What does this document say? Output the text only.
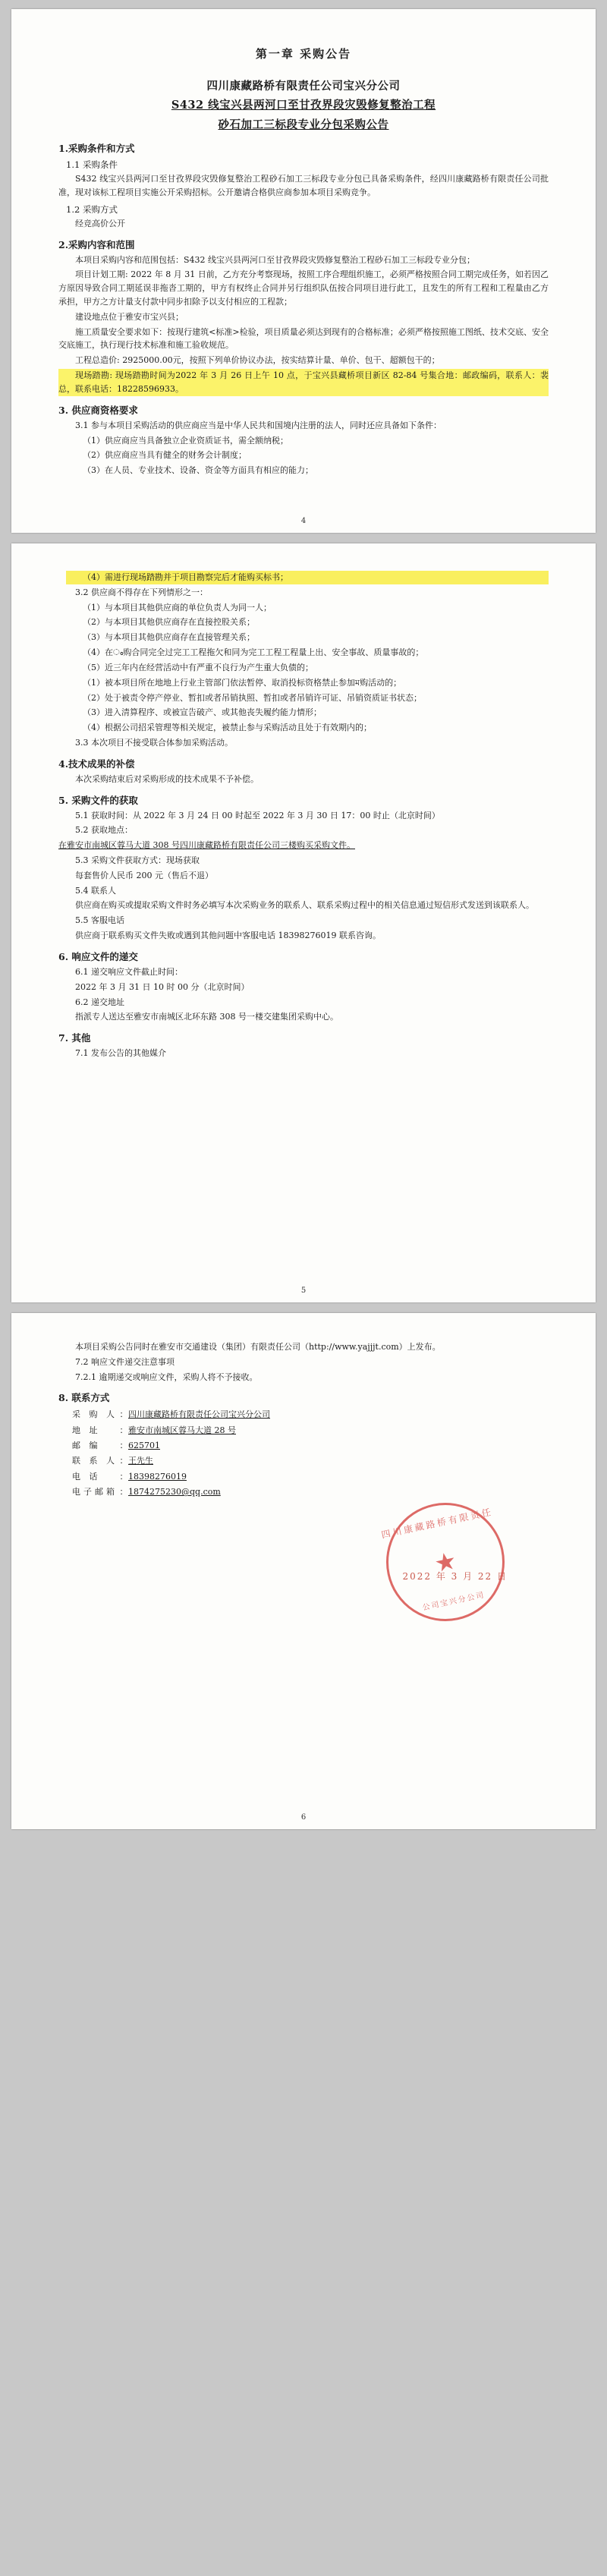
第一章 采购公告
四川康藏路桥有限责任公司宝兴分公司
S432 线宝兴县两河口至甘孜界段灾毁修复整治工程
砂石加工三标段专业分包采购公告
1.采购条件和方式
1.1 采购条件
S432 线宝兴县两河口至甘孜界段灾毁修复整治工程砂石加工三标段专业分包已具备采购条件，经四川康藏路桥有限责任公司批准，现对该标工程项目实施公开采购招标。公开邀请合格供应商参加本项目采购竞争。
1.2 采购方式
经竞高价公开
2.采购内容和范围
本项目采购内容和范围包括：S432 线宝兴县两河口至甘孜界段灾毁修复整治工程砂石加工三标段专业分包；
项目计划工期: 2022 年 8 月 31 日前，乙方充分考察现场，按照工序合理组织施工，必须严格按照合同工期完成任务，如若因乙方原因导致合同工期延误非拖沓工期的，甲方有权终止合同并另行组织队伍按合同项目进行此工，且发生的所有工程和工程量由乙方承担，甲方之方计量支付款中同步扣除予以支付相应的工程款；
建设地点位于雅安市宝兴县；
施工质量安全要求如下：按现行建筑<标准>检验，项目质量必须达到现有的合格标准；必须严格按照施工图纸、技术交底、安全交底施工，执行现行技术标准和施工验收规范。
工程总造价: 2925000.00元，按照下列单价协议办法，按实结算计量、单价、包干、超额包干的；
现场踏勘: 现场踏勘时间为2022 年 3 月 26 日上午 10 点，于宝兴县藏桥项目新区 82-84 号集合地：邮政编码，联系人：裴总，联系电话：18228596933。
3. 供应商资格要求
3.1 参与本项目采购活动的供应商应当是中华人民共和国境内注册的法人，同时还应具备如下条件：
（1）供应商应当具备独立企业资质证书，需全额纳税；
（2）供应商应当具有健全的财务会计制度；
（3）在人员、专业技术、设备、资金等方面具有相应的能力；
4
（4）需进行现场踏勘并于项目勘察完后才能购买标书；
3.2 供应商不得存在下列情形之一：
（1）与本项目其他供应商的单位负责人为同一人；
（2）与本项目其他供应商存在直接控股关系；
（3）与本项目其他供应商存在直接管理关系；
（4）在ം购合同完全过完工工程拖欠和同为完工工程工程量上出、安全事故、质量事故的；
（5）近三年内在经营活动中有严重不良行为产生重大负债的；
（1）被本项目所在地地上行业主管部门依法暂停、取消投标资格禁止参加ম购活动的；
（2）处于被责令停产停业、暂扣或者吊销执照、暂扣或者吊销许可证、吊销资质证书状态；
（3）进入清算程序、或被宣告破产、或其他丧失履约能力情形；
（4）根据公司招采管理等相关规定，被禁止参与采购活动且处于有效期内的；
3.3 本次项目不接受联合体参加采购活动。
4.技术成果的补偿
本次采购结束后对采购形成的技术成果不予补偿。
5. 采购文件的获取
5.1 获取时间：从 2022 年 3 月 24 日 00 时起至 2022 年 3 月 30 日 17：00 时止（北京时间）
5.2 获取地点：
在雅安市南城区蓉马大道 308 号四川康藏路桥有限责任公司三楼购买采购文件。
5.3 采购文件获取方式：现场获取
每套售价人民币 200 元（售后不退）
5.4 联系人
供应商在购买或提取采购文件时务必填写本次采购业务的联系人、联系采购过程中的相关信息通过短信形式发送到该联系人。
5.5 客服电话
供应商于联系购买文件失败或遇到其他问题中客服电话 18398276019 联系咨询。
6. 响应文件的递交
6.1 递交响应文件截止时间：
2022 年 3 月 31 日 10 时 00 分（北京时间）
6.2 递交地址
指派专人送达至雅安市南城区北环东路 308 号一楼交建集团采购中心。
7. 其他
7.1 发布公告的其他媒介
5
本项目采购公告同时在雅安市交通建设（集团）有限责任公司（http://www.yajjjt.com）上发布。
7.2 响应文件递交注意事项
7.2.1 逾期递交或响应文件，采购人将不予接收。
8. 联系方式
采 购 人 ： 四川康藏路桥有限责任公司宝兴分公司
地 址	： 雅安市南城区蓉马大道 28 号
邮 编	： 625701
联 系 人 ： 王先生
电 话	： 18398276019
电子邮箱 ： 1874275230@qq.com
四川康藏路桥有限责任
★
公司宝兴分公司
2022 年 3 月 22 日
6
